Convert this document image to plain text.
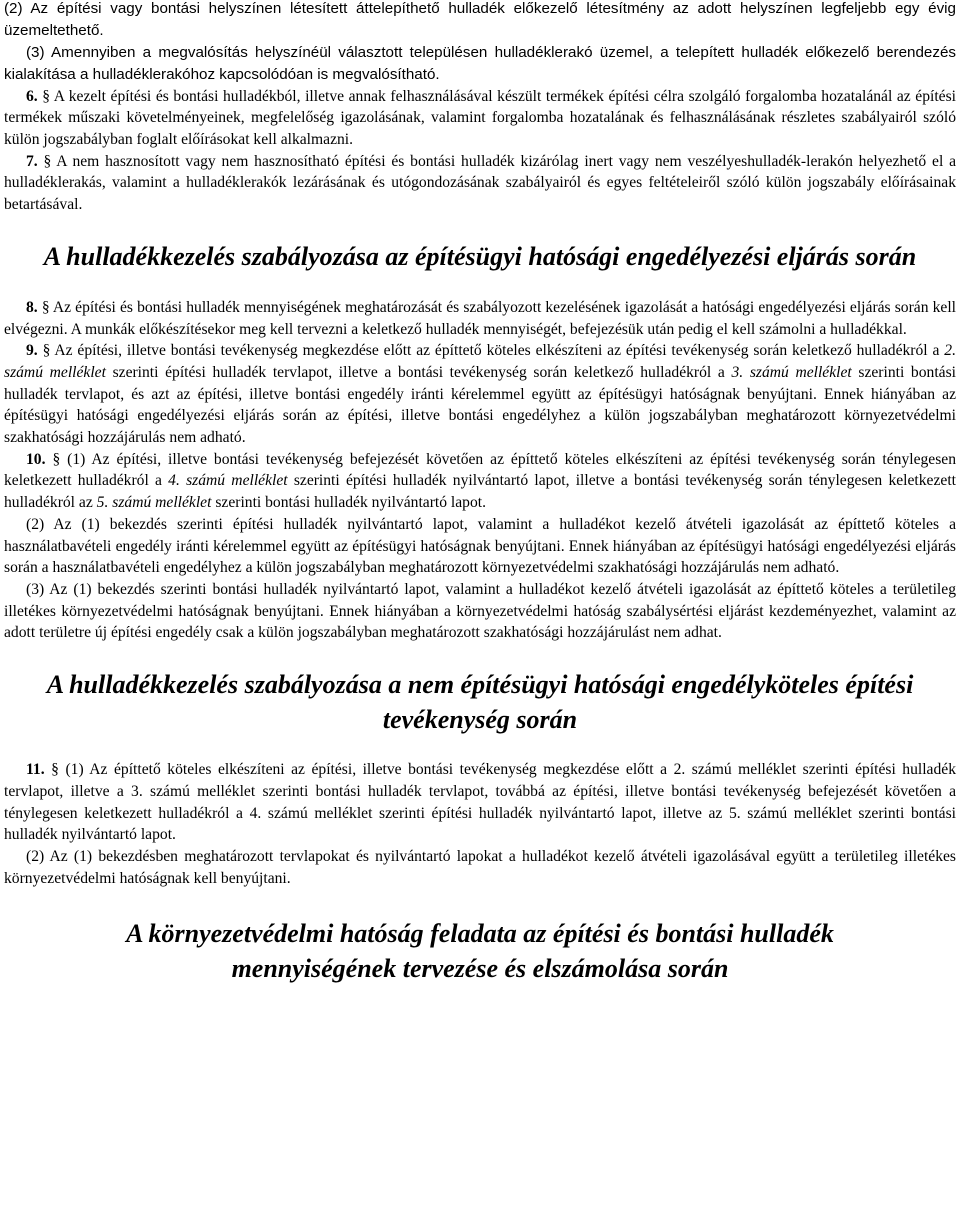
(2) Az építési vagy bontási helyszínen létesített áttelepíthető hulladék előkezelő létesítmény az adott helyszínen legfeljebb egy évig üzemeltethető.

(3) Amennyiben a megvalósítás helyszínéül választott településen hulladéklerakó üzemel, a telepített hulladék előkezelő berendezés kialakítása a hulladéklerakóhoz kapcsolódóan is megvalósítható.

6. § A kezelt építési és bontási hulladékból, illetve annak felhasználásával készült termékek építési célra szolgáló forgalomba hozatalánál az építési termékek műszaki követelményeinek, megfelelőség igazolásának, valamint forgalomba hozatalának és felhasználásának részletes szabályairól szóló külön jogszabályban foglalt előírásokat kell alkalmazni.

7. § A nem hasznosított vagy nem hasznosítható építési és bontási hulladék kizárólag inert vagy nem veszélyeshulladék-lerakón helyezhető el a hulladéklerakás, valamint a hulladéklerakók lezárásának és utógondozásának szabályairól és egyes feltételeiről szóló külön jogszabály előírásainak betartásával.

A hulladékkezelés szabályozása az építésügyi hatósági engedélyezési eljárás során

8. § Az építési és bontási hulladék mennyiségének meghatározását és szabályozott kezelésének igazolását a hatósági engedélyezési eljárás során kell elvégezni. A munkák előkészítésekor meg kell tervezni a keletkező hulladék mennyiségét, befejezésük után pedig el kell számolni a hulladékkal.

9. § Az építési, illetve bontási tevékenység megkezdése előtt az építtető köteles elkészíteni az építési tevékenység során keletkező hulladékról a 2. számú melléklet szerinti építési hulladék tervlapot, illetve a bontási tevékenység során keletkező hulladékról a 3. számú melléklet szerinti bontási hulladék tervlapot, és azt az építési, illetve bontási engedély iránti kérelemmel együtt az építésügyi hatóságnak benyújtani. Ennek hiányában az építésügyi hatósági engedélyezési eljárás során az építési, illetve bontási engedélyhez a külön jogszabályban meghatározott környezetvédelmi szakhatósági hozzájárulás nem adható.

10. § (1) Az építési, illetve bontási tevékenység befejezését követően az építtető köteles elkészíteni az építési tevékenység során ténylegesen keletkezett hulladékról a 4. számú melléklet szerinti építési hulladék nyilvántartó lapot, illetve a bontási tevékenység során ténylegesen keletkezett hulladékról az 5. számú melléklet szerinti bontási hulladék nyilvántartó lapot.

(2) Az (1) bekezdés szerinti építési hulladék nyilvántartó lapot, valamint a hulladékot kezelő átvételi igazolását az építtető köteles a használatbavételi engedély iránti kérelemmel együtt az építésügyi hatóságnak benyújtani. Ennek hiányában az építésügyi hatósági engedélyezési eljárás során a használatbavételi engedélyhez a külön jogszabályban meghatározott környezetvédelmi szakhatósági hozzájárulás nem adható.

(3) Az (1) bekezdés szerinti bontási hulladék nyilvántartó lapot, valamint a hulladékot kezelő átvételi igazolását az építtető köteles a területileg illetékes környezetvédelmi hatóságnak benyújtani. Ennek hiányában a környezetvédelmi hatóság szabálysértési eljárást kezdeményezhet, valamint az adott területre új építési engedély csak a külön jogszabályban meghatározott szakhatósági hozzájárulást nem adhat.

A hulladékkezelés szabályozása a nem építésügyi hatósági engedélyköteles építési tevékenység során

11. § (1) Az építtető köteles elkészíteni az építési, illetve bontási tevékenység megkezdése előtt a 2. számú melléklet szerinti építési hulladék tervlapot, illetve a 3. számú melléklet szerinti bontási hulladék tervlapot, továbbá az építési, illetve bontási tevékenység befejezését követően a ténylegesen keletkezett hulladékról a 4. számú melléklet szerinti építési hulladék nyilvántartó lapot, illetve az 5. számú melléklet szerinti bontási hulladék nyilvántartó lapot.

(2) Az (1) bekezdésben meghatározott tervlapokat és nyilvántartó lapokat a hulladékot kezelő átvételi igazolásával együtt a területileg illetékes környezetvédelmi hatóságnak kell benyújtani.

A környezetvédelmi hatóság feladata az építési és bontási hulladék mennyiségének tervezése és elszámolása során
